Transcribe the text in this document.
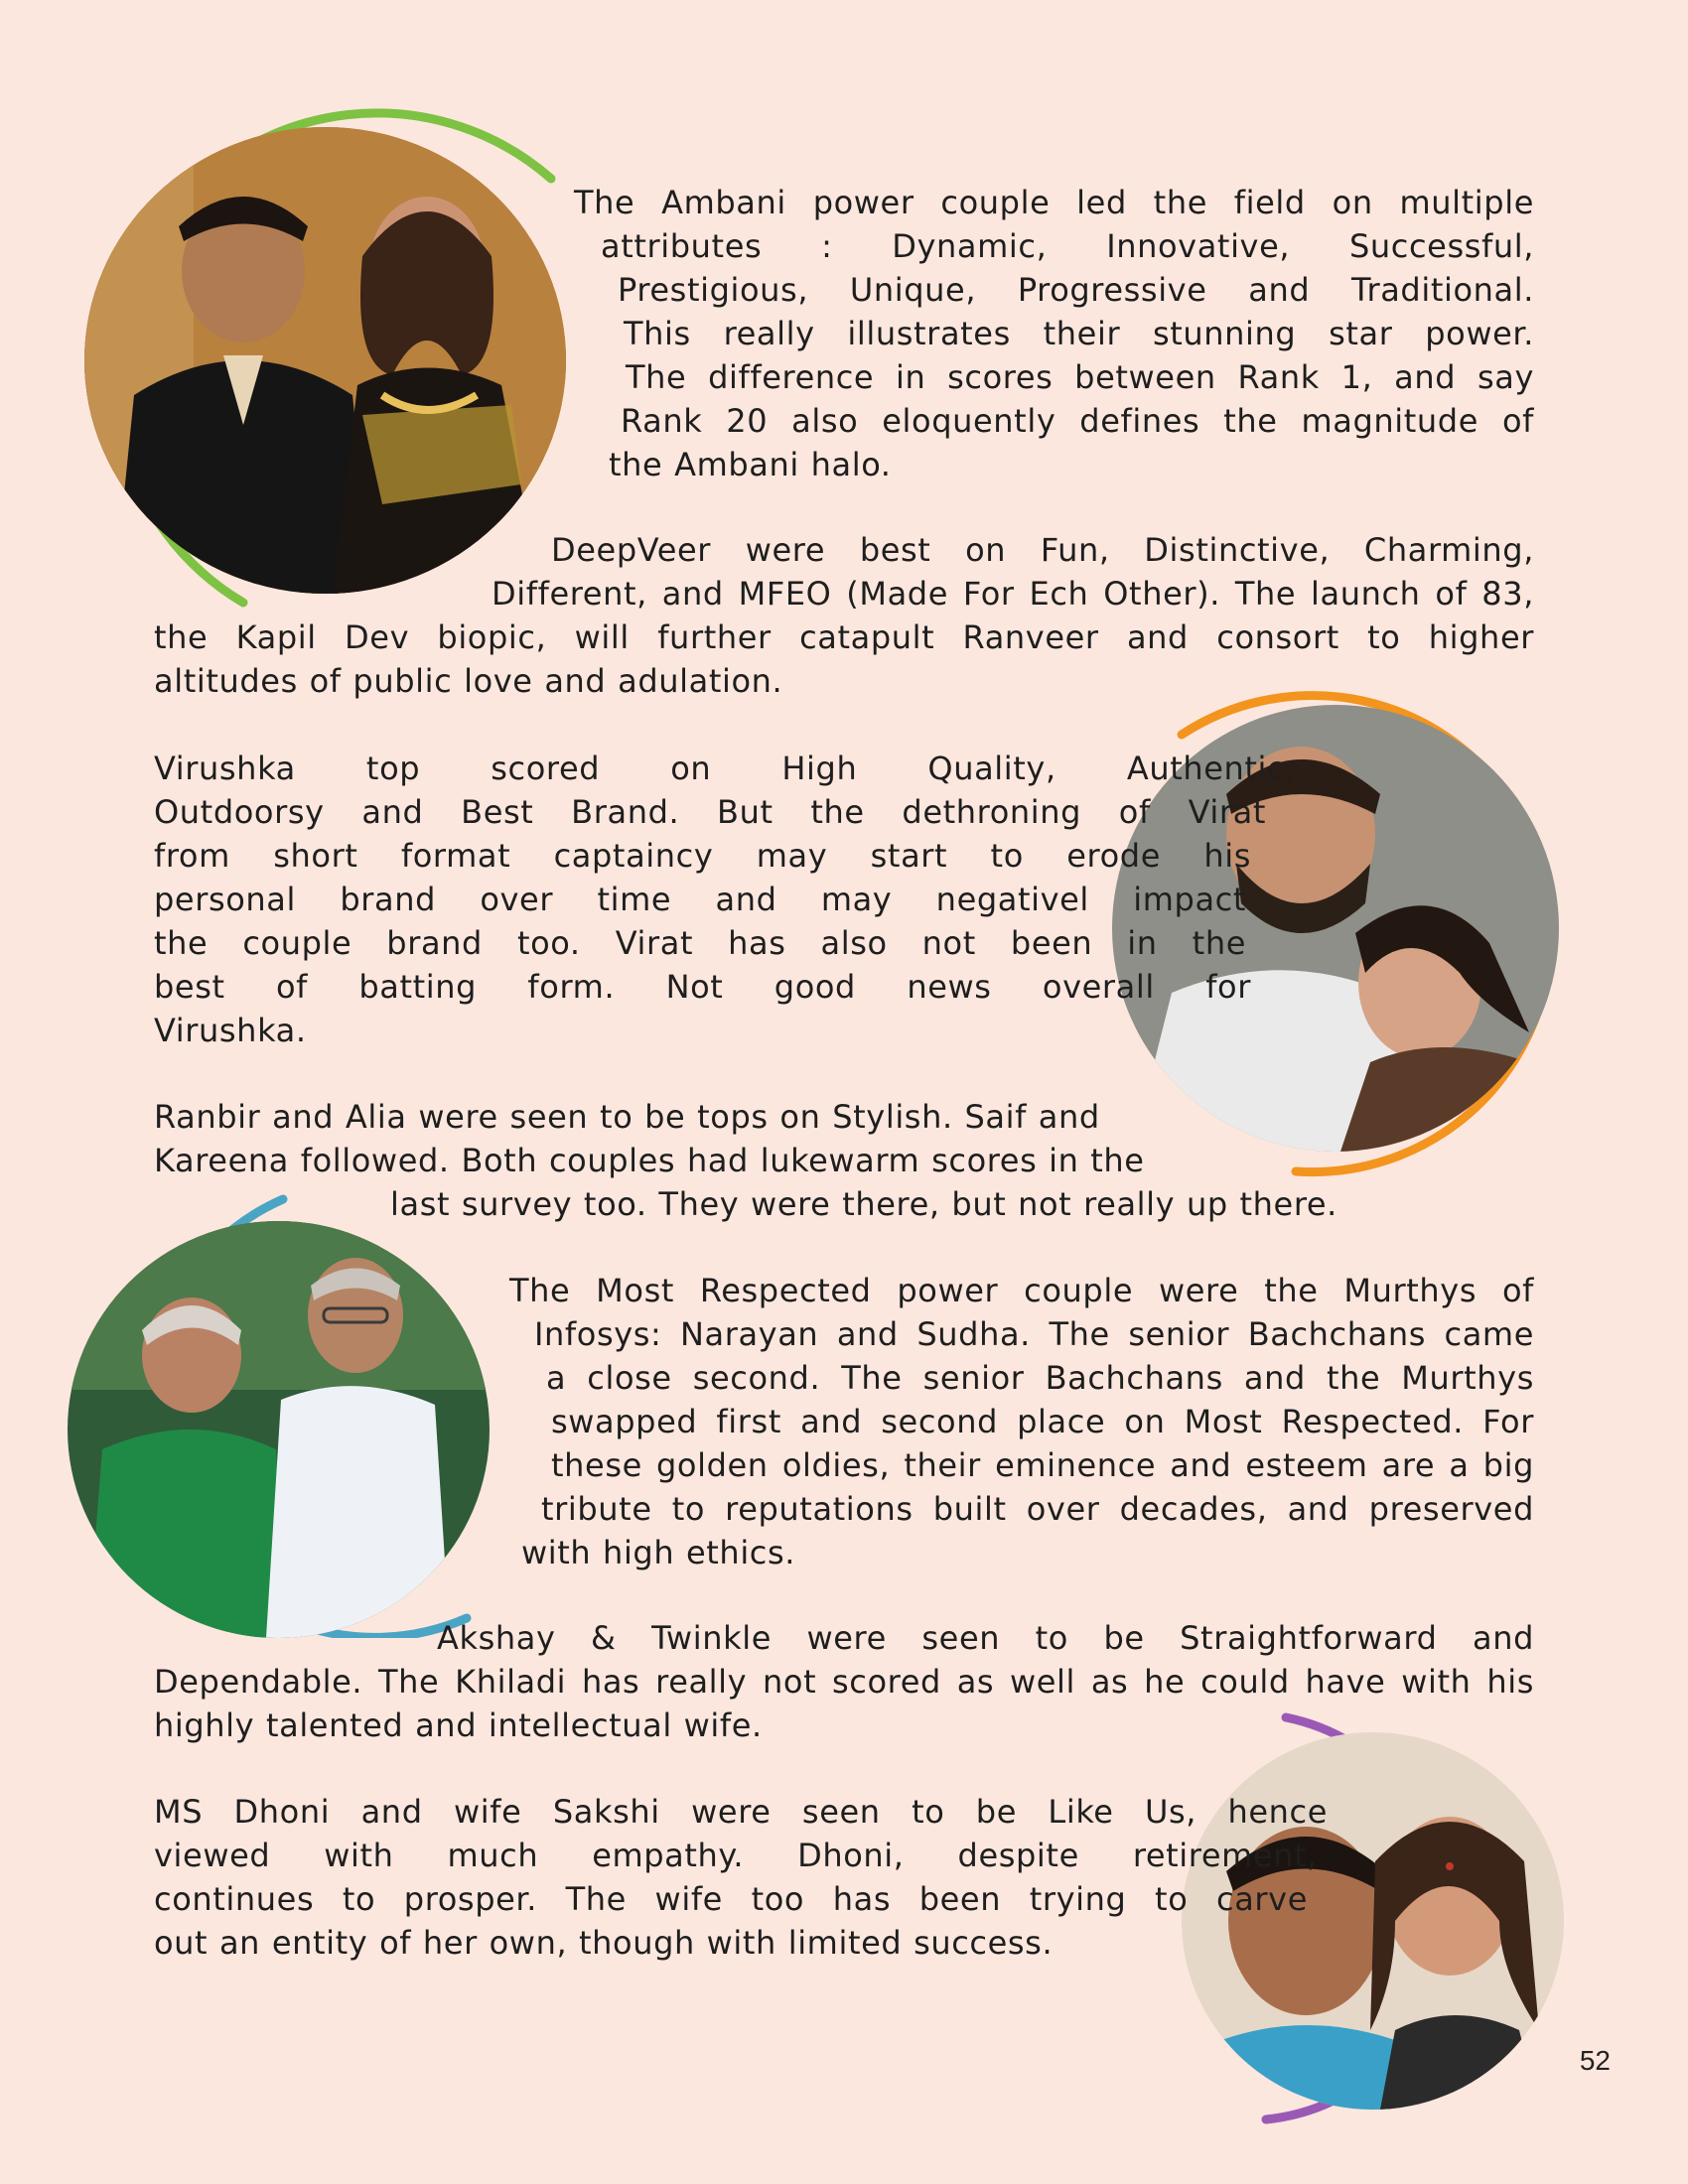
The Ambani power couple led the field on multiple

attributes : Dynamic, Innovative, Successful,

Prestigious, Unique, Progressive and Traditional.

This really illustrates their stunning star power.

The difference in scores between Rank 1, and say

Rank 20 also eloquently defines the magnitude of

the Ambani halo.

DeepVeer were best on Fun, Distinctive, Charming,

Different, and MFEO (Made For Ech Other). The launch of 83,

the Kapil Dev biopic, will further catapult Ranveer and consort to higher

altitudes of public love and adulation.

Virushka top scored on High Quality, Authentic,

Outdoorsy and Best Brand. But the dethroning of Virat

from short format captaincy may start to erode his

personal brand over time and may negativel impact

the couple brand too. Virat has also not been in the

best of batting form. Not good news overall for

Virushka.

Ranbir and Alia were seen to be tops on Stylish. Saif and

Kareena followed. Both couples had lukewarm scores in the

last survey too. They were there, but not really up there.

The Most Respected power couple were the Murthys of

Infosys: Narayan and Sudha. The senior Bachchans came

a close second. The senior Bachchans and the Murthys

swapped first and second place on Most Respected. For

these golden oldies, their eminence and esteem are a big

tribute to reputations built over decades, and preserved

with high ethics.

Akshay & Twinkle were seen to be Straightforward and

Dependable. The Khiladi has really not scored as well as he could have with his

highly talented and intellectual wife.

MS Dhoni and wife Sakshi were seen to be Like Us, hence

viewed with much empathy. Dhoni, despite retirement,

continues to prosper. The wife too has been trying to carve

out an entity of her own, though with limited success.

52
